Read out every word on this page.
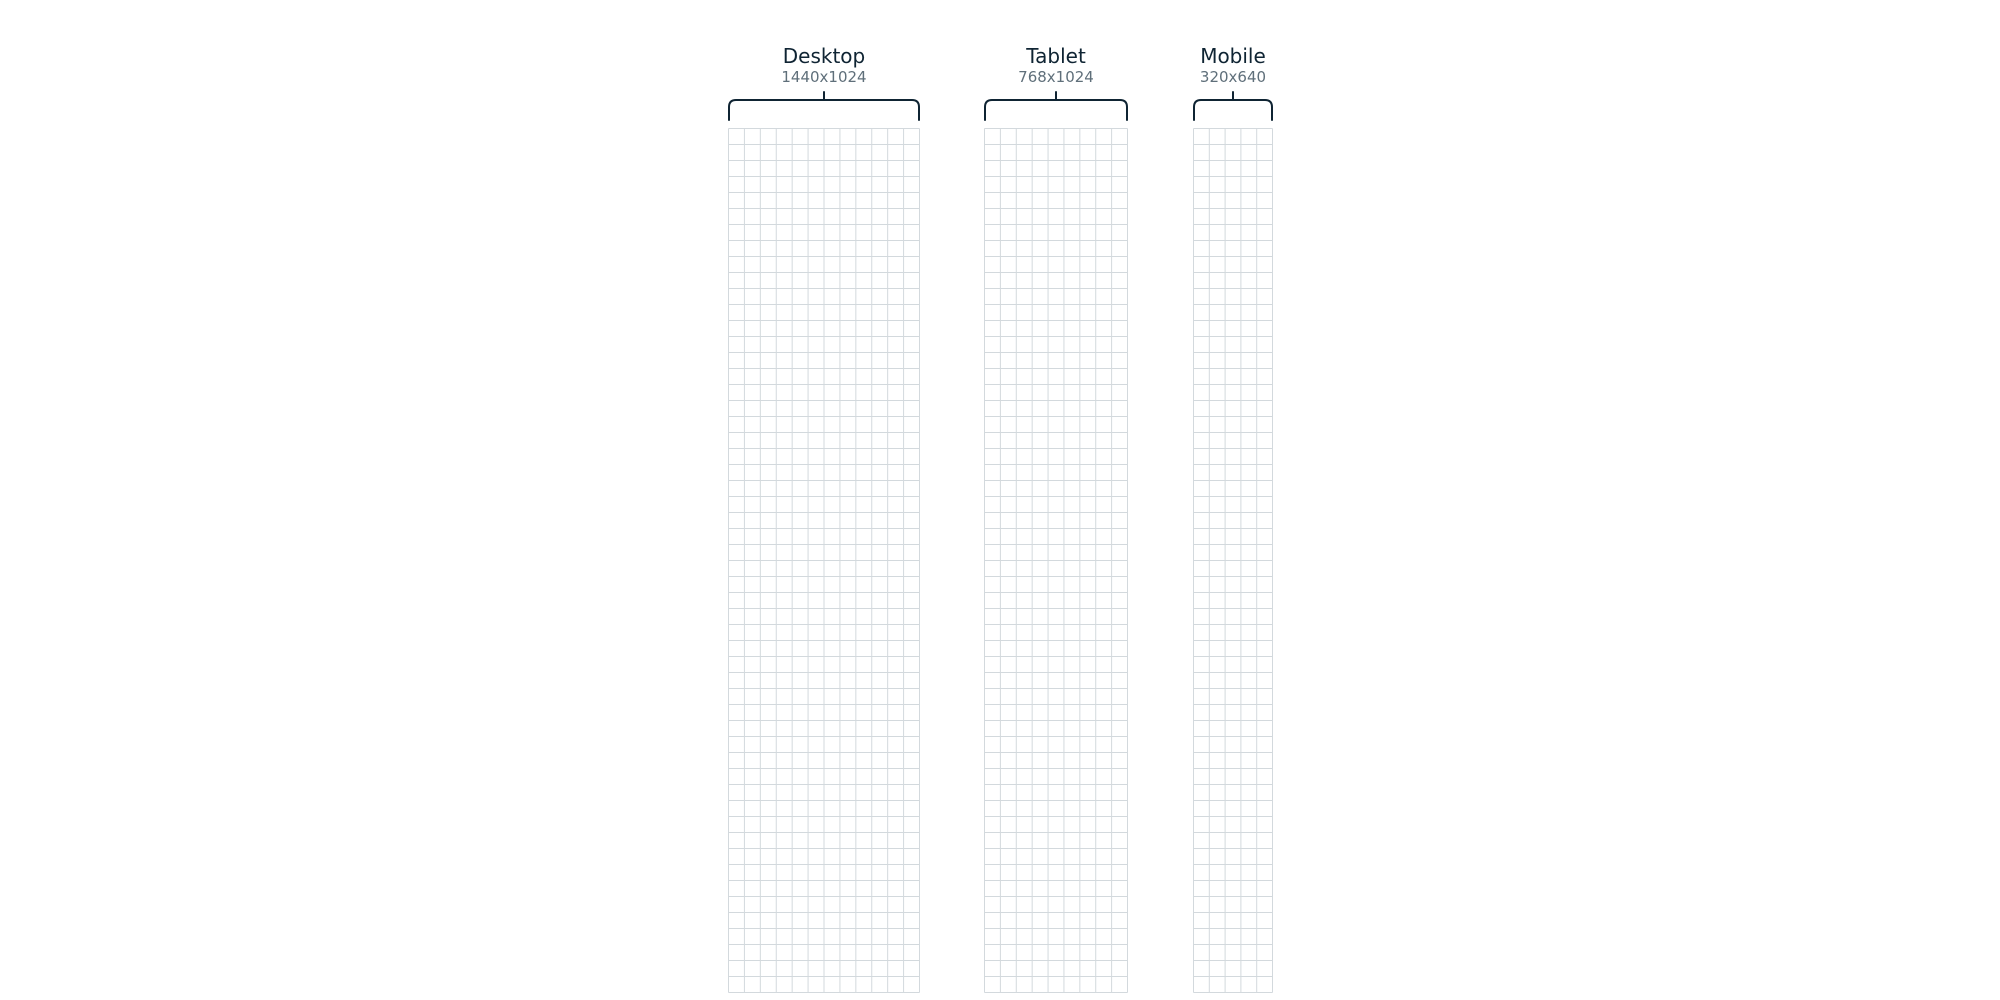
Desktop
1440x1024
Tablet
768x1024
Mobile
320x640
